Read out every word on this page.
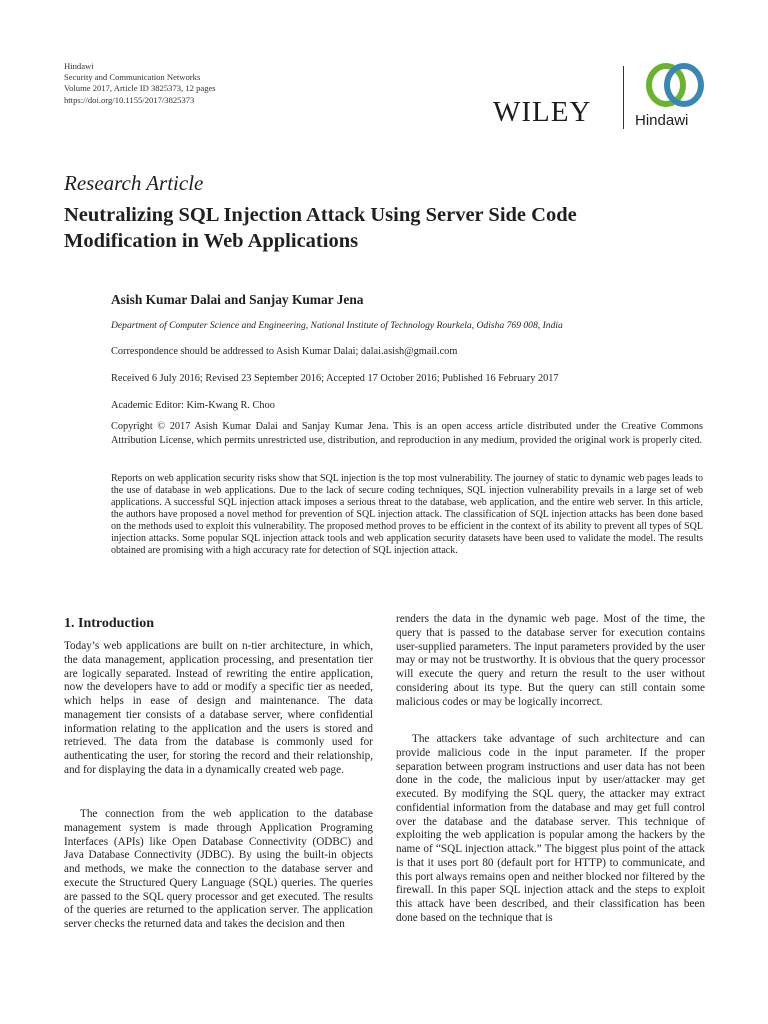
Hindawi
Security and Communication Networks
Volume 2017, Article ID 3825373, 12 pages
https://doi.org/10.1155/2017/3825373	WILEY	Hindawi
Research Article
Neutralizing SQL Injection Attack Using Server Side Code Modification in Web Applications
Asish Kumar Dalai and Sanjay Kumar Jena
Department of Computer Science and Engineering, National Institute of Technology Rourkela, Odisha 769 008, India
Correspondence should be addressed to Asish Kumar Dalai; dalai.asish@gmail.com
Received 6 July 2016; Revised 23 September 2016; Accepted 17 October 2016; Published 16 February 2017
Academic Editor: Kim-Kwang R. Choo
Copyright © 2017 Asish Kumar Dalai and Sanjay Kumar Jena. This is an open access article distributed under the Creative Commons Attribution License, which permits unrestricted use, distribution, and reproduction in any medium, provided the original work is properly cited.
Reports on web application security risks show that SQL injection is the top most vulnerability. The journey of static to dynamic web pages leads to the use of database in web applications. Due to the lack of secure coding techniques, SQL injection vulnerability prevails in a large set of web applications. A successful SQL injection attack imposes a serious threat to the database, web application, and the entire web server. In this article, the authors have proposed a novel method for prevention of SQL injection attack. The classification of SQL injection attacks has been done based on the methods used to exploit this vulnerability. The proposed method proves to be efficient in the context of its ability to prevent all types of SQL injection attacks. Some popular SQL injection attack tools and web application security datasets have been used to validate the model. The results obtained are promising with a high accuracy rate for detection of SQL injection attack.
1. Introduction

Today’s web applications are built on n-tier architecture, in which, the data management, application processing, and presentation tier are logically separated. Instead of rewriting the entire application, now the developers have to add or modify a specific tier as needed, which helps in ease of design and maintenance. The data management tier consists of a database server, where confidential information relating to the application and the users is stored and retrieved. The data from the database is commonly used for authenticating the user, for storing the record and their relationship, and for displaying the data in a dynamically created web page.

The connection from the web application to the database management system is made through Application Programing Interfaces (APIs) like Open Database Connectivity (ODBC) and Java Database Connectivity (JDBC). By using the built-in objects and methods, we make the connection to the database server and execute the Structured Query Language (SQL) queries. The queries are passed to the SQL query processor and get executed. The results of the queries are returned to the application server. The application server checks the returned data and takes the decision and then

renders the data in the dynamic web page. Most of the time, the query that is passed to the database server for execution contains user-supplied parameters. The input parameters provided by the user may or may not be trustworthy. It is obvious that the query processor will execute the query and return the result to the user without considering about its type. But the query can still contain some malicious codes or may be logically incorrect.

The attackers take advantage of such architecture and can provide malicious code in the input parameter. If the proper separation between program instructions and user data has not been done in the code, the malicious input by user/attacker may get executed. By modifying the SQL query, the attacker may extract confidential information from the database and may get full control over the database and the database server. This technique of exploiting the web application is popular among the hackers by the name of “SQL injection attack.” The biggest plus point of the attack is that it uses port 80 (default port for HTTP) to communicate, and this port always remains open and neither blocked nor filtered by the firewall. In this paper SQL injection attack and the steps to exploit this attack have been described, and their classification has been done based on the technique that is
